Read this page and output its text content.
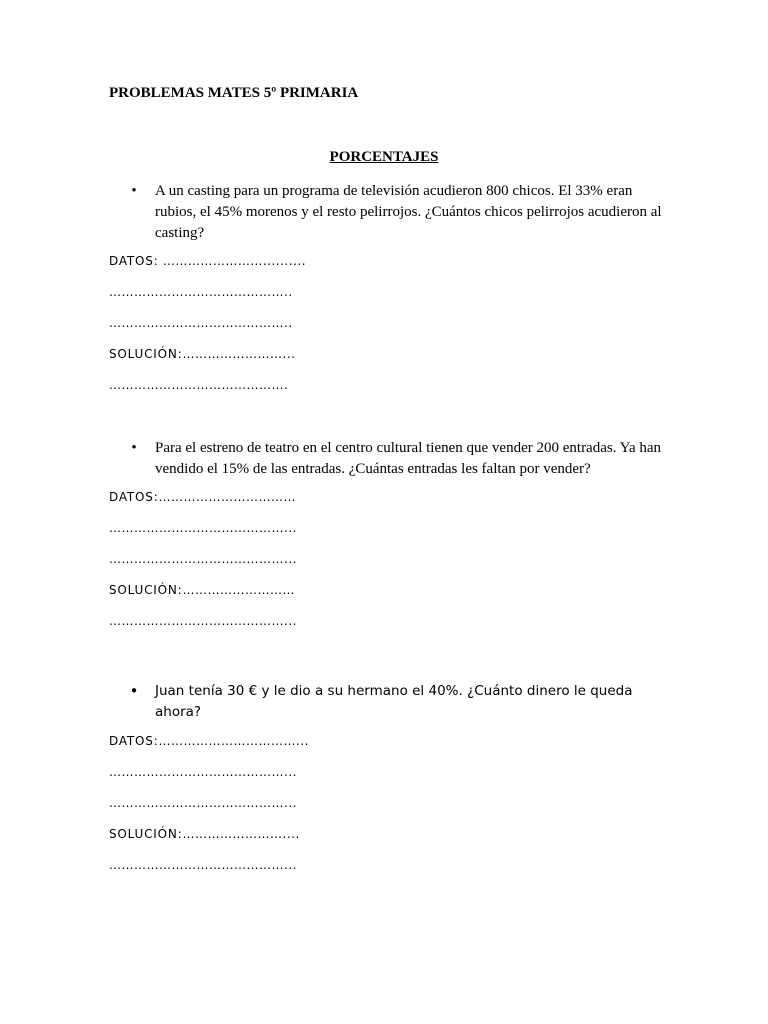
PROBLEMAS MATES 5º PRIMARIA
PORCENTAJES
• A un casting para un programa de televisión acudieron 800 chicos. El 33% eran rubios, el 45% morenos y el resto pelirrojos. ¿Cuántos chicos pelirrojos acudieron al casting?
DATOS: ……………………..........
……………………………………..
……………………………………..
SOLUCIÓN:……………………...
…………………………………….
• Para el estreno de teatro en el centro cultural tienen que vender 200 entradas. Ya han vendido el 15% de las entradas. ¿Cuántas entradas les faltan por vender?
DATOS:……………………………
……………………………………...
……………………………………...
SOLUCIÓN:………………………
……………………………………...
• Juan tenía 30 € y le dio a su hermano el 40%. ¿Cuánto dinero le queda ahora?
DATOS:……………………………...
……………………………………...
……………………………………...
SOLUCIÓN:……………………....
……………………………………...
